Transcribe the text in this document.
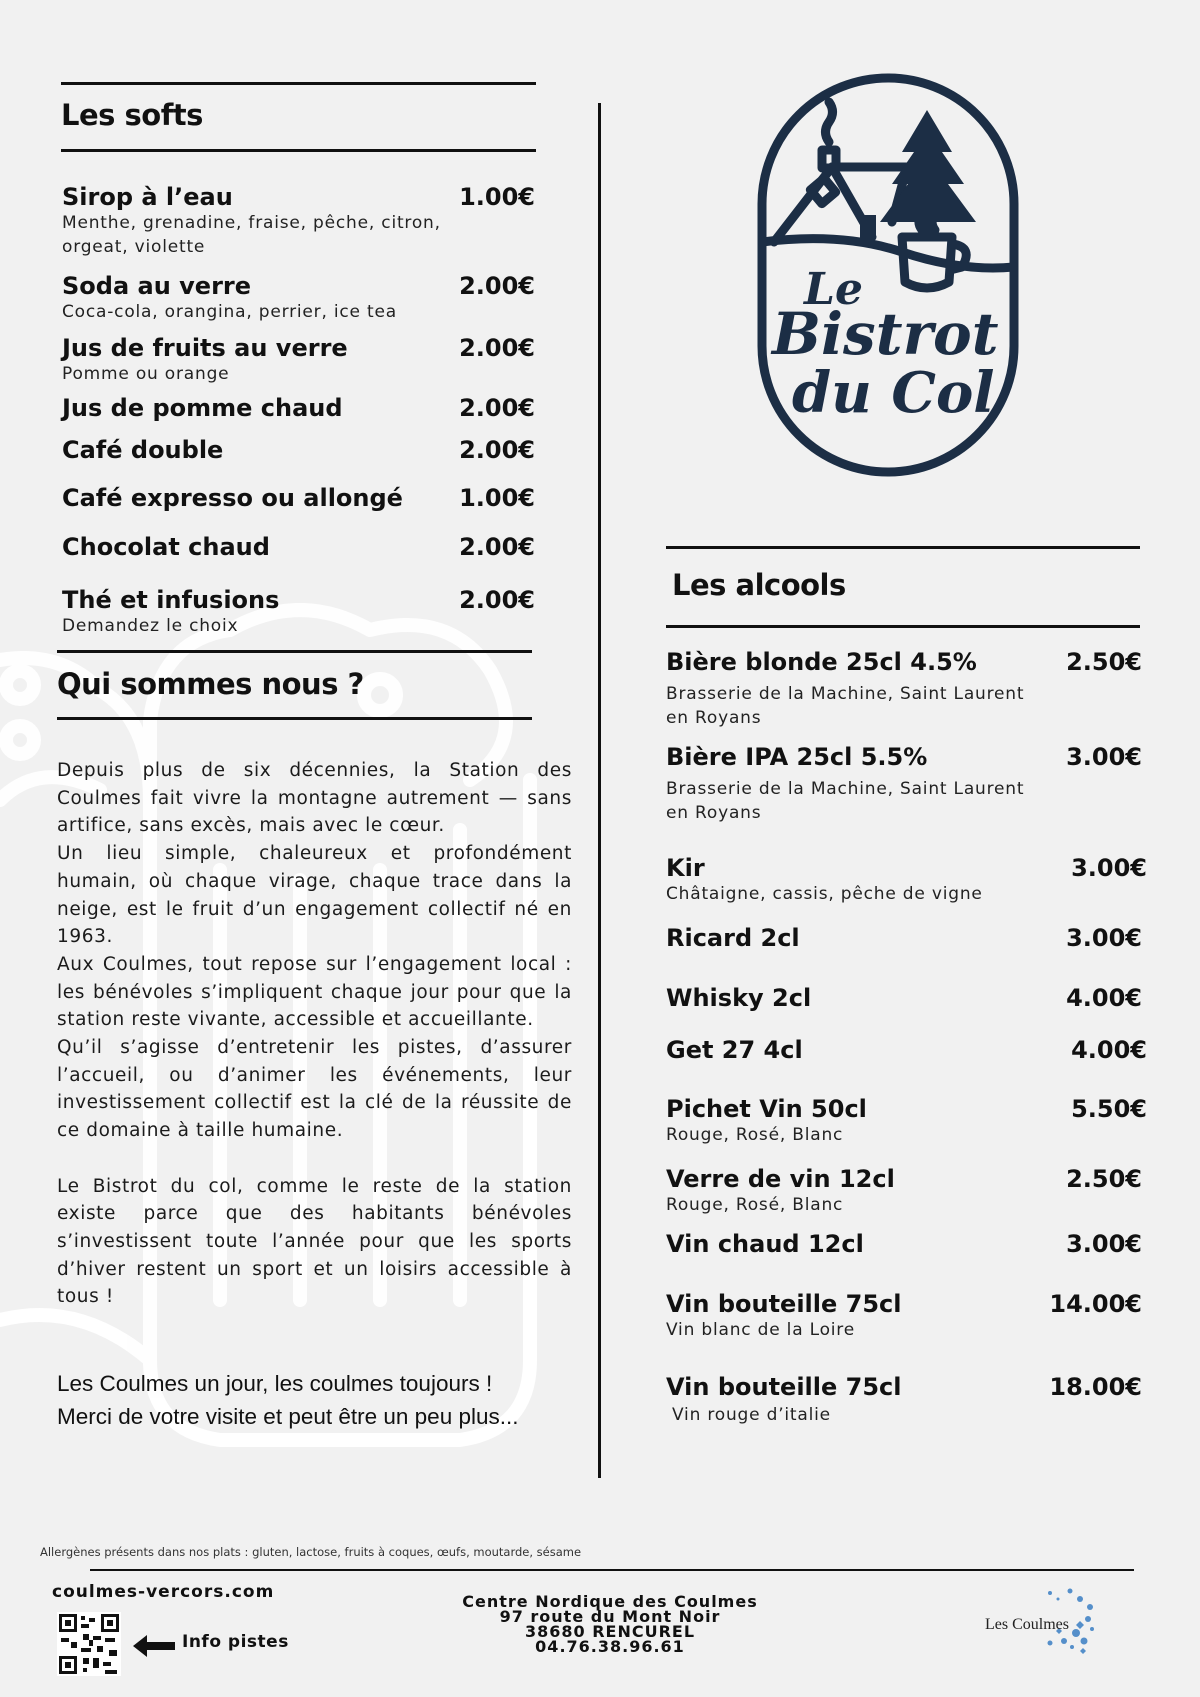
Les softs
Sirop à l’eau	1.00€
Menthe, grenadine, fraise, pêche, citron, orgeat, violette
Soda au verre	2.00€
Coca-cola, orangina, perrier, ice tea
Jus de fruits au verre	2.00€
Pomme ou orange
Jus de pomme chaud	2.00€
Café double	2.00€
Café expresso ou allongé	1.00€
Chocolat chaud	2.00€
Thé et infusions	2.00€
Demandez le choix
Qui sommes nous ?

Depuis plus de six décennies, la Station des Coulmes fait vivre la montagne autrement — sans artifice, sans excès, mais avec le cœur.

Un lieu simple, chaleureux et profondément humain, où chaque virage, chaque trace dans la neige, est le fruit d’un engagement collectif né en 1963.

Aux Coulmes, tout repose sur l’engagement local : les bénévoles s’impliquent chaque jour pour que la station reste vivante, accessible et accueillante.

Qu’il s’agisse d’entretenir les pistes, d’assurer l’accueil, ou d’animer les événements, leur investissement collectif est la clé de la réussite de ce domaine à taille humaine.

Le Bistrot du col, comme le reste de la station existe parce que des habitants bénévoles s’investissent toute l’année pour que les sports d’hiver restent un sport et un loisirs accessible à tous !

Les Coulmes un jour, les coulmes toujours !
Merci de votre visite et peut être un peu plus...
Le
Bistrot
du Col
Les alcools
Bière blonde 25cl 4.5%	2.50€
Brasserie de la Machine, Saint Laurent en Royans
Bière IPA 25cl 5.5%	3.00€
Brasserie de la Machine, Saint Laurent en Royans
Kir	3.00€
Châtaigne, cassis, pêche de vigne
Ricard 2cl	3.00€
Whisky 2cl	4.00€
Get 27 4cl	4.00€
Pichet Vin 50cl	5.50€
Rouge, Rosé, Blanc
Verre de vin 12cl	2.50€
Rouge, Rosé, Blanc
Vin chaud 12cl	3.00€
Vin bouteille 75cl	14.00€
Vin blanc de la Loire
Vin bouteille 75cl	18.00€
Vin rouge d’italie
Allergènes présents dans nos plats : gluten, lactose, fruits à coques, œufs, moutarde, sésame
coulmes-vercors.com
Info pistes
Centre Nordique des Coulmes
97 route du Mont Noir
38680 RENCUREL
04.76.38.96.61
Les Coulmes
